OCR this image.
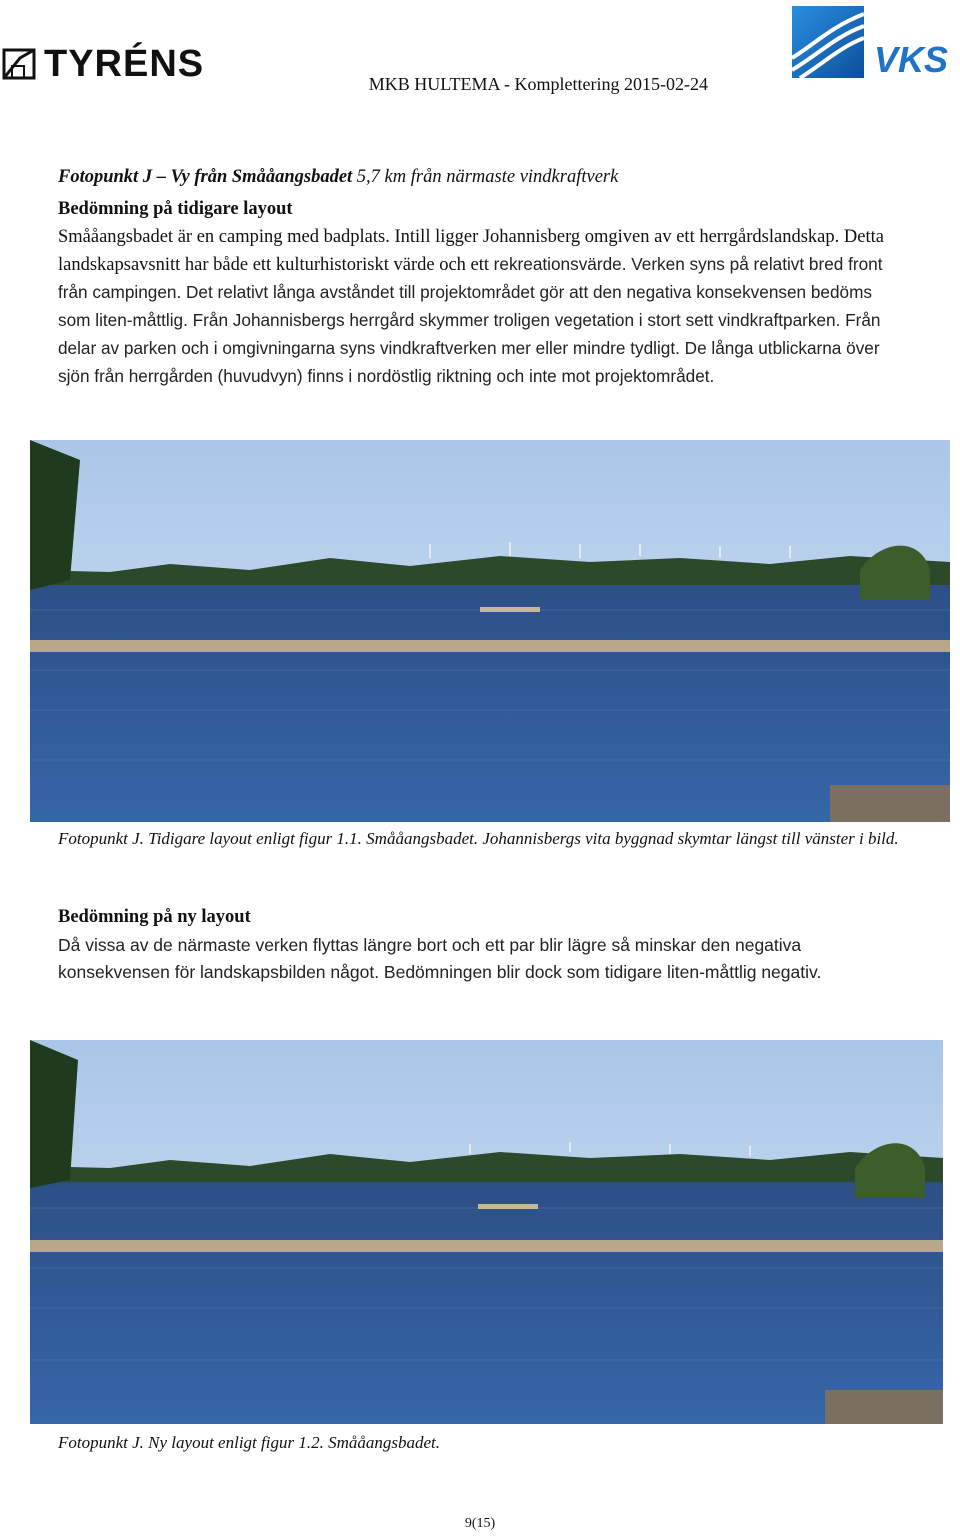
TYRÉNS	VKS
MKB HULTEMA - Komplettering 2015-02-24
Fotopunkt J – Vy från Smååangsbadet 5,7 km från närmaste vindkraftverk
Bedömning på tidigare layout
Smååangsbadet är en camping med badplats. Intill ligger Johannisberg omgiven av ett herrgårdslandskap. Detta landskapsavsnitt har både ett kulturhistoriskt värde och ett rekreationsvärde. Verken syns på relativt bred front från campingen. Det relativt långa avståndet till projektområdet gör att den negativa konsekvensen bedöms som liten-måttlig. Från Johannisbergs herrgård skymmer troligen vegetation i stort sett vindkraftparken. Från delar av parken och i omgivningarna syns vindkraftverken mer eller mindre tydligt. De långa utblickarna över sjön från herrgården (huvudvyn) finns i nordöstlig riktning och inte mot projektområdet.
Fotopunkt J. Tidigare layout enligt figur 1.1. Smååangsbadet. Johannisbergs vita byggnad skymtar längst till vänster i bild.
Bedömning på ny layout
Då vissa av de närmaste verken flyttas längre bort och ett par blir lägre så minskar den negativa konsekvensen för landskapsbilden något. Bedömningen blir dock som tidigare liten-måttlig negativ.
Fotopunkt J. Ny layout enligt figur 1.2. Smååangsbadet.
9(15)
